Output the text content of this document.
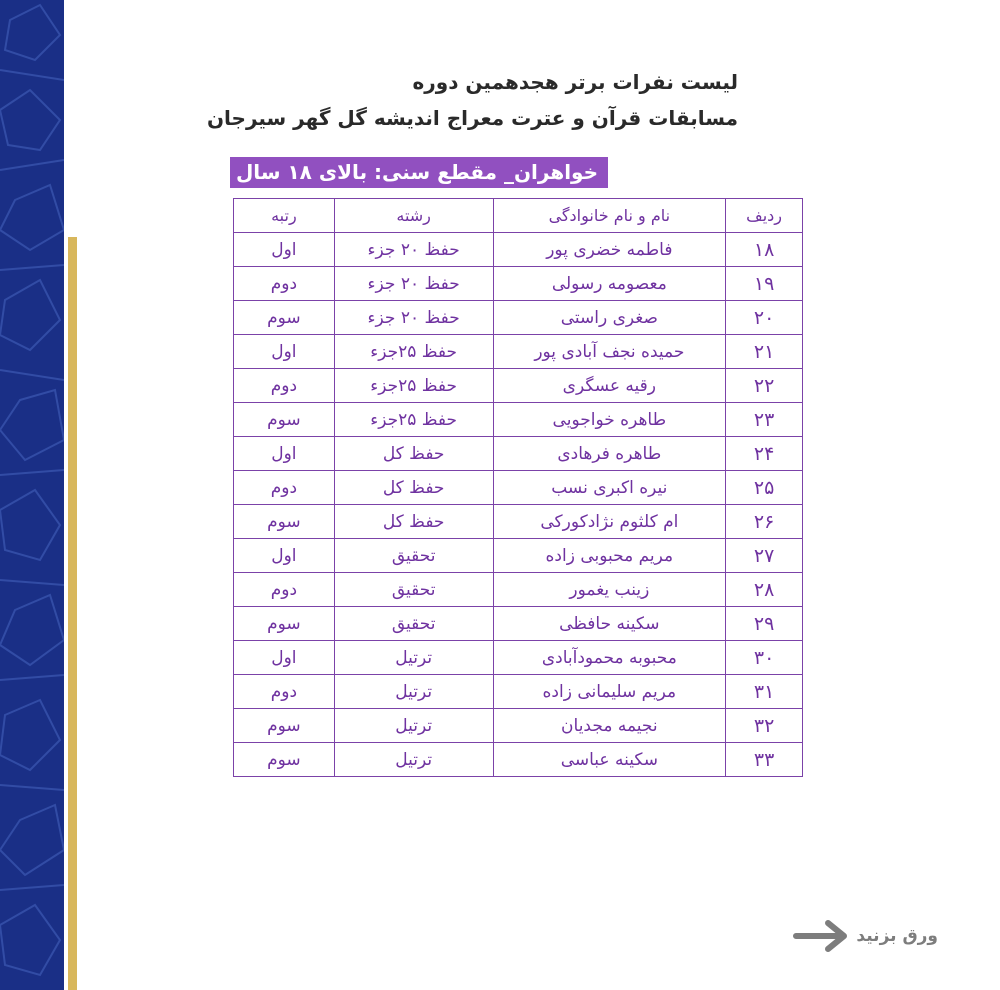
لیست نفرات برتر هجدهمین دوره
مسابقات قرآن و عترت معراج اندیشه گل گهر سیرجان
خواهران_ مقطع سنی: بالای ۱۸ سال
ردیف	نام و نام خانوادگی	رشته	رتبه
۱۸	فاطمه خضری پور	حفظ ۲۰ جزء	اول
۱۹	معصومه رسولی	حفظ ۲۰ جزء	دوم
۲۰	صغری راستی	حفظ ۲۰ جزء	سوم
۲۱	حمیده نجف آبادی پور	حفظ ۲۵جزء	اول
۲۲	رقیه عسگری	حفظ ۲۵جزء	دوم
۲۳	طاهره خواجویی	حفظ ۲۵جزء	سوم
۲۴	طاهره فرهادی	حفظ کل	اول
۲۵	نیره اکبری نسب	حفظ کل	دوم
۲۶	ام کلثوم نژادکورکی	حفظ کل	سوم
۲۷	مریم محبوبی زاده	تحقیق	اول
۲۸	زینب یغمور	تحقیق	دوم
۲۹	سکینه حافظی	تحقیق	سوم
۳۰	محبوبه محمودآبادی	ترتیل	اول
۳۱	مریم سلیمانی زاده	ترتیل	دوم
۳۲	نجیمه مجدیان	ترتیل	سوم
۳۳	سکینه عباسی	ترتیل	سوم
ورق بزنید
